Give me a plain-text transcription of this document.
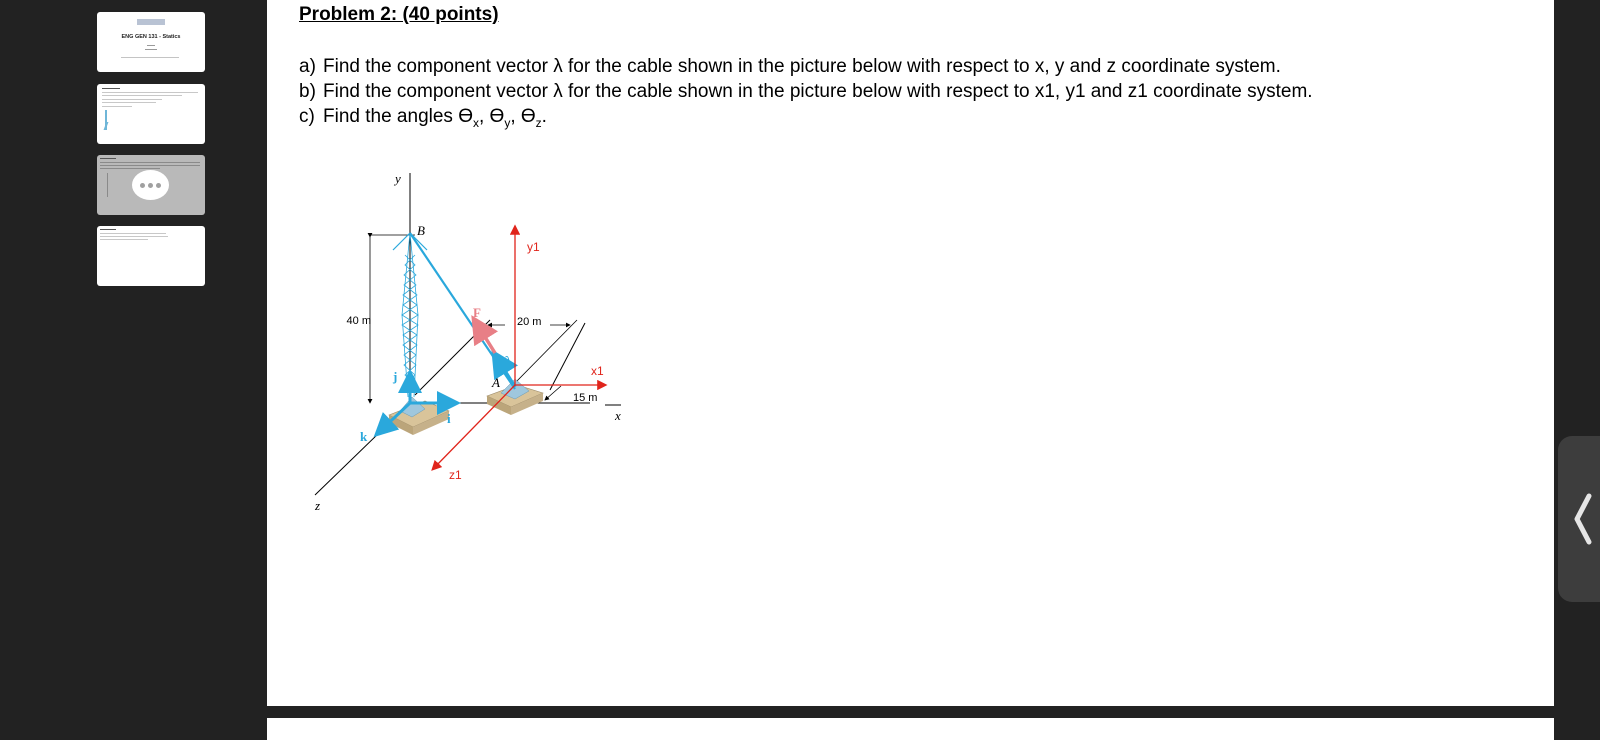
ENG GEN 131 - Statics
Problem 2: (40 points)
a) Find the component vector λ for the cable shown in the picture below with respect to x, y and z coordinate system.
b) Find the component vector λ for the cable shown in the picture below with respect to x1, y1 and z1 coordinate system.
c) Find the angles $ϴ_x$, $ϴ_y$, $ϴ_z$.
40 m	20 m
15 m
y
B
y1
F
j
λ
A
x1
x
k
i
z1
z
